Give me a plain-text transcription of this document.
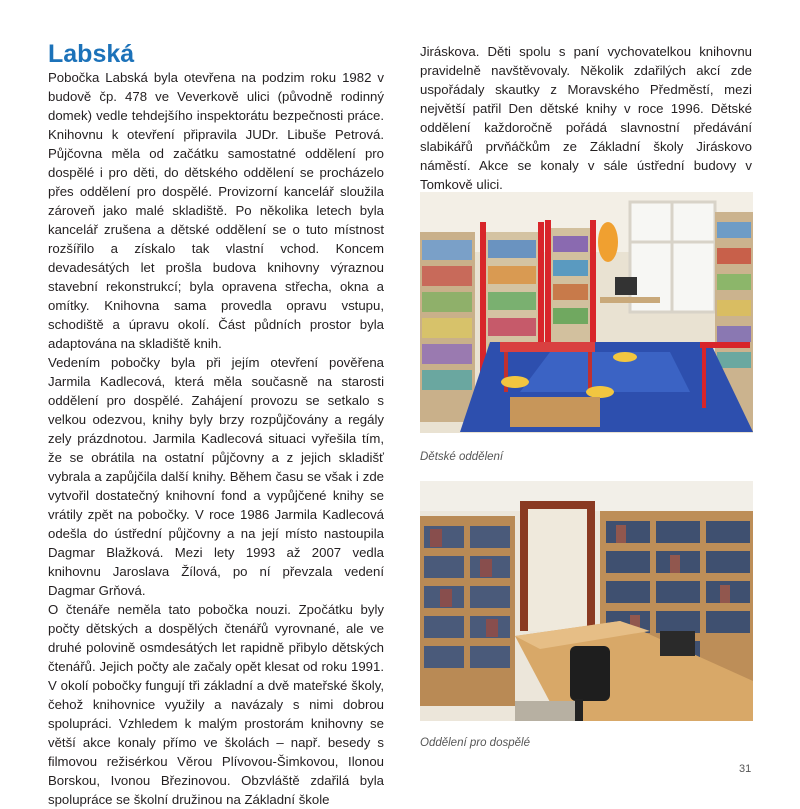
Labská

Pobočka Labská byla otevřena na podzim roku 1982 v budově čp. 478 ve Veverkově ulici (původně rodinný domek) vedle tehdejšího inspektorátu bezpečnosti práce. Knihovnu k otevření připravila JUDr. Libuše Petrová. Půjčovna měla od začátku samostatné oddělení pro dospělé i pro děti, do dětského oddělení se procházelo přes oddělení pro dospělé. Provizorní kancelář sloužila zároveň jako malé skladiště. Po několika letech byla kancelář zrušena a dětské oddělení se o tuto místnost rozšířilo a získalo tak vlastní vchod. Koncem devadesátých let prošla budova knihovny výraznou stavební rekonstrukcí; byla opravena střecha, okna a omítky. Knihovna sama provedla opravu vstupu, schodiště a úpravu okolí. Část půdních prostor byla adaptována na skladiště knih.

Vedením pobočky byla při jejím otevření pověřena Jarmila Kadlecová, která měla současně na starosti oddělení pro dospělé. Zahájení provozu se setkalo s velkou odezvou, knihy byly brzy rozpůjčovány a regály zely prázdnotou. Jarmila Kadlecová situaci vyřešila tím, že se obrátila na ostatní půjčovny a z jejich skladišť vybrala a zapůjčila další knihy. Během času se však i zde vytvořil dostatečný knihovní fond a vypůjčené knihy se vrátily zpět na pobočky. V roce 1986 Jarmila Kadlecová odešla do ústřední půjčovny a na její místo nastoupila Dagmar Blažková. Mezi lety 1993 až 2007 vedla knihovnu Jaroslava Žílová, po ní převzala vedení Dagmar Grňová.

O čtenáře neměla tato pobočka nouzi. Zpočátku byly počty dětských a dospělých čtenářů vyrovnané, ale ve druhé polovině osmdesátých let rapidně přibylo dětských čtenářů. Jejich počty ale začaly opět klesat od roku 1991. V okolí pobočky fungují tři základní a dvě mateřské školy, čehož knihovnice využily a navázaly s nimi dobrou spolupráci. Vzhledem k malým prostorám knihovny se větší akce konaly přímo ve školách – např. besedy s filmovou režisérkou Věrou Plívovou-Šimkovou, Ilonou Borskou, Ivonou Březinovou. Obzvláště zdařilá byla spolupráce se školní družinou na Základní škole

Jiráskova. Děti spolu s paní vychovatelkou knihovnu pravidelně navštěvovaly. Několik zdařilých akcí zde uspořádaly skautky z Moravského Předměstí, mezi největší patřil Den dětské knihy v roce 1996. Dětské oddělení každoročně pořádá slavnostní předávání slabikářů prvňáčkům ze Základní školy Jiráskovo náměstí. Akce se konaly v sále ústřední budovy v Tomkově ulici.

Dětské oddělení
Oddělení pro dospělé
31
